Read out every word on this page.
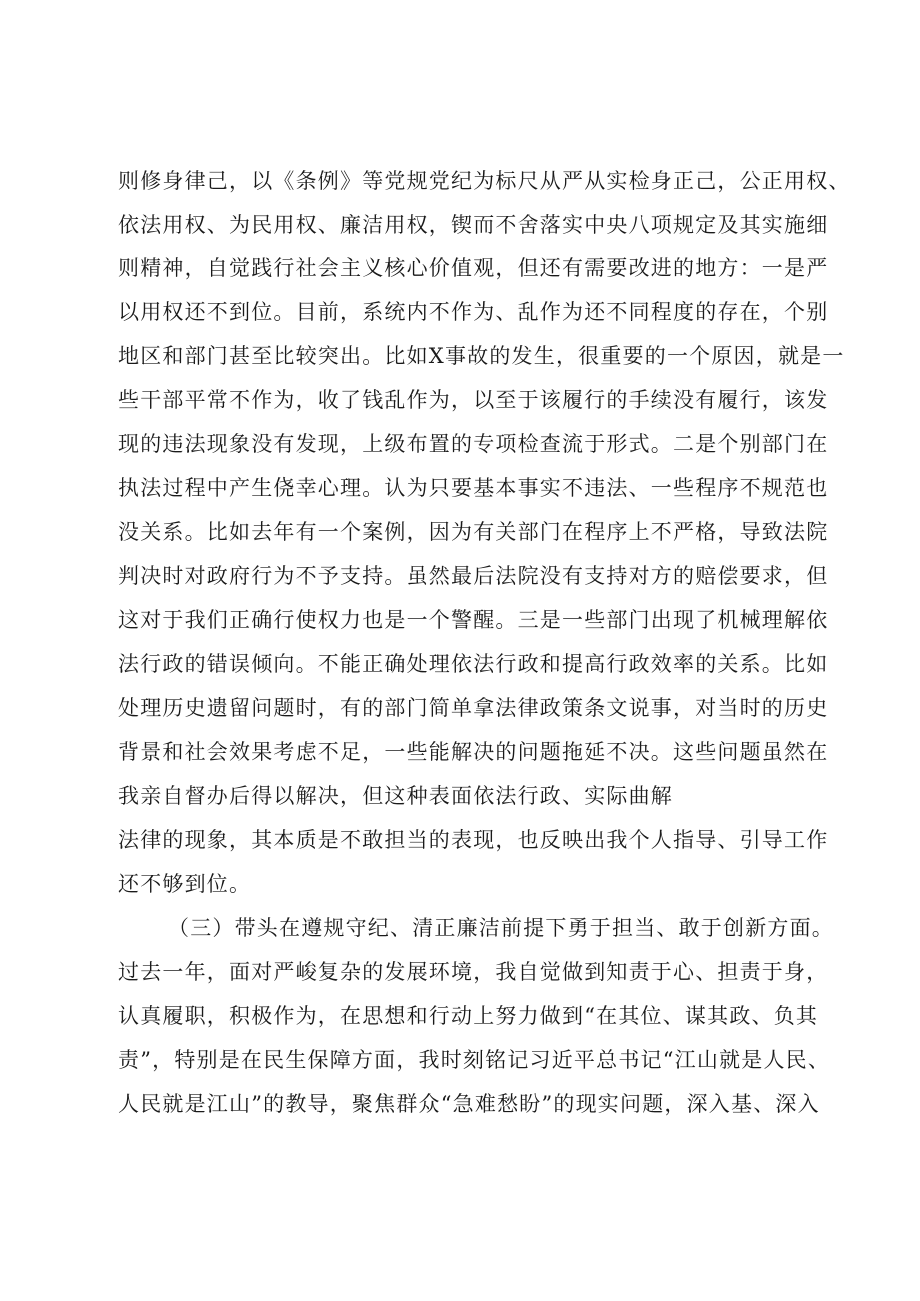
则修身律己，以《条例》等党规党纪为标尺从严从实检身正己，公正用权、
依法用权、为民用权、廉洁用权，锲而不舍落实中央八项规定及其实施细
则精神，自觉践行社会主义核心价值观，但还有需要改进的地方：一是严
以用权还不到位。目前，系统内不作为、乱作为还不同程度的存在，个别
地区和部门甚至比较突出。比如X事故的发生，很重要的一个原因，就是一
些干部平常不作为，收了钱乱作为，以至于该履行的手续没有履行，该发
现的违法现象没有发现，上级布置的专项检查流于形式。二是个别部门在
执法过程中产生侥幸心理。认为只要基本事实不违法、一些程序不规范也
没关系。比如去年有一个案例，因为有关部门在程序上不严格，导致法院
判决时对政府行为不予支持。虽然最后法院没有支持对方的赔偿要求，但
这对于我们正确行使权力也是一个警醒。三是一些部门出现了机械理解依
法行政的错误倾向。不能正确处理依法行政和提高行政效率的关系。比如
处理历史遗留问题时，有的部门简单拿法律政策条文说事，对当时的历史
背景和社会效果考虑不足，一些能解决的问题拖延不决。这些问题虽然在
我亲自督办后得以解决，但这种表面依法行政、实际曲解
法律的现象，其本质是不敢担当的表现，也反映出我个人指导、引导工作
还不够到位。
（三）带头在遵规守纪、清正廉洁前提下勇于担当、敢于创新方面。
过去一年，面对严峻复杂的发展环境，我自觉做到知责于心、担责于身，
认真履职，积极作为，在思想和行动上努力做到“在其位、谋其政、负其
责”，特别是在民生保障方面，我时刻铭记习近平总书记“江山就是人民、
人民就是江山”的教导，聚焦群众“急难愁盼”的现实问题，深入基、深入
